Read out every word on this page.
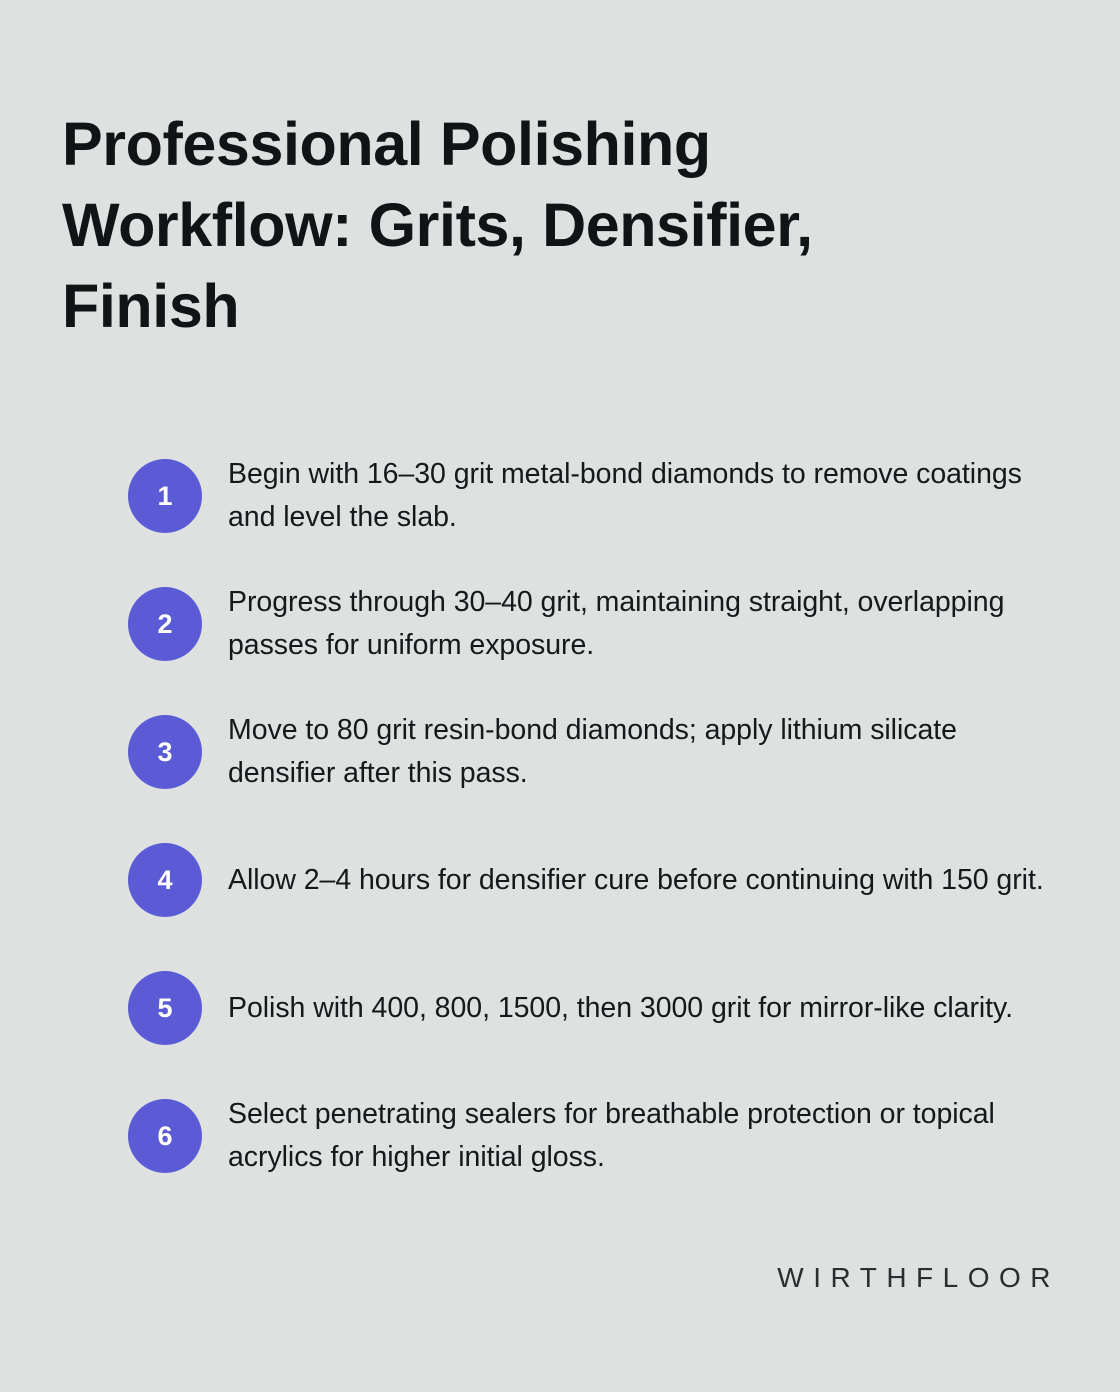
Professional Polishing Workflow: Grits, Densifier, Finish
1
Begin with 16–30 grit metal-bond diamonds to remove coatings and level the slab.
2
Progress through 30–40 grit, maintaining straight, overlapping passes for uniform exposure.
3
Move to 80 grit resin-bond diamonds; apply lithium silicate densifier after this pass.
4	Allow 2–4 hours for densifier cure before continuing with 150 grit.
5	Polish with 400, 800, 1500, then 3000 grit for mirror-like clarity.
6
Select penetrating sealers for breathable protection or topical acrylics for higher initial gloss.
WIRTHFLOOR
